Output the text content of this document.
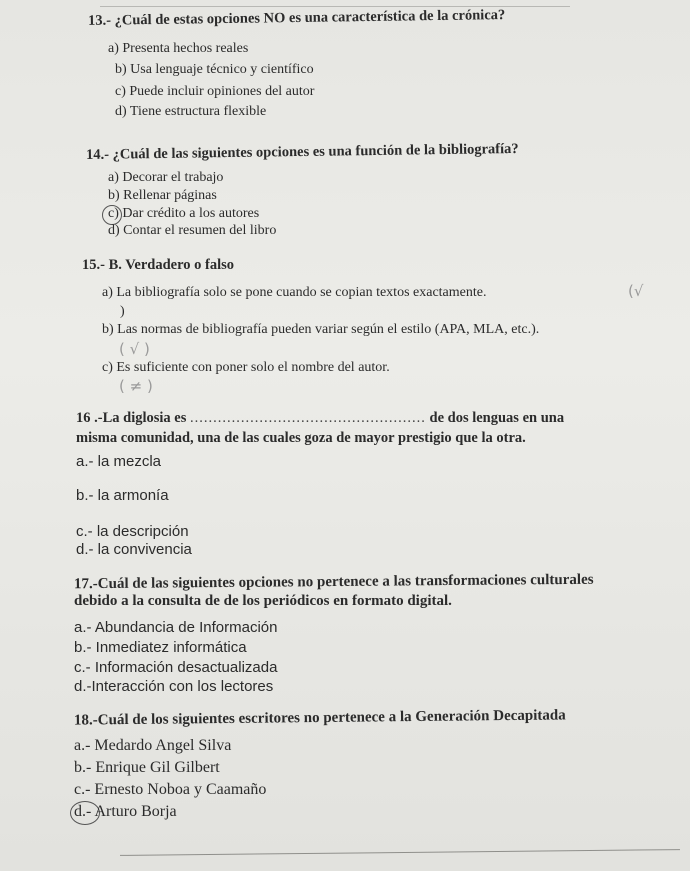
13.- ¿Cuál de estas opciones NO es una característica de la crónica?
a) Presenta hechos reales
b) Usa lenguaje técnico y científico
c) Puede incluir opiniones del autor
d) Tiene estructura flexible
14.- ¿Cuál de las siguientes opciones es una función de la bibliografía?
a) Decorar el trabajo
b) Rellenar páginas
c) Dar crédito a los autores
d) Contar el resumen del libro
15.- B. Verdadero o falso
a) La bibliografía solo se pone cuando se copian textos exactamente.	(√
)
b) Las normas de bibliografía pueden variar según el estilo (APA, MLA, etc.).
( √ )
c) Es suficiente con poner solo el nombre del autor.
( ≠ )
16 .-La diglosia es ................................................... de dos lenguas en una
misma comunidad, una de las cuales goza de mayor prestigio que la otra.
a.- la mezcla
b.- la armonía
c.- la descripción
d.- la convivencia
17.-Cuál de las siguientes opciones no pertenece a las transformaciones culturales
debido a la consulta de de los periódicos en formato digital.
a.- Abundancia de Información
b.- Inmediatez informática
c.- Información desactualizada
d.-Interacción con los lectores
18.-Cuál de los siguientes escritores no pertenece a la Generación Decapitada
a.- Medardo Angel Silva
b.- Enrique Gil Gilbert
c.- Ernesto Noboa y Caamaño
d.- Arturo Borja
